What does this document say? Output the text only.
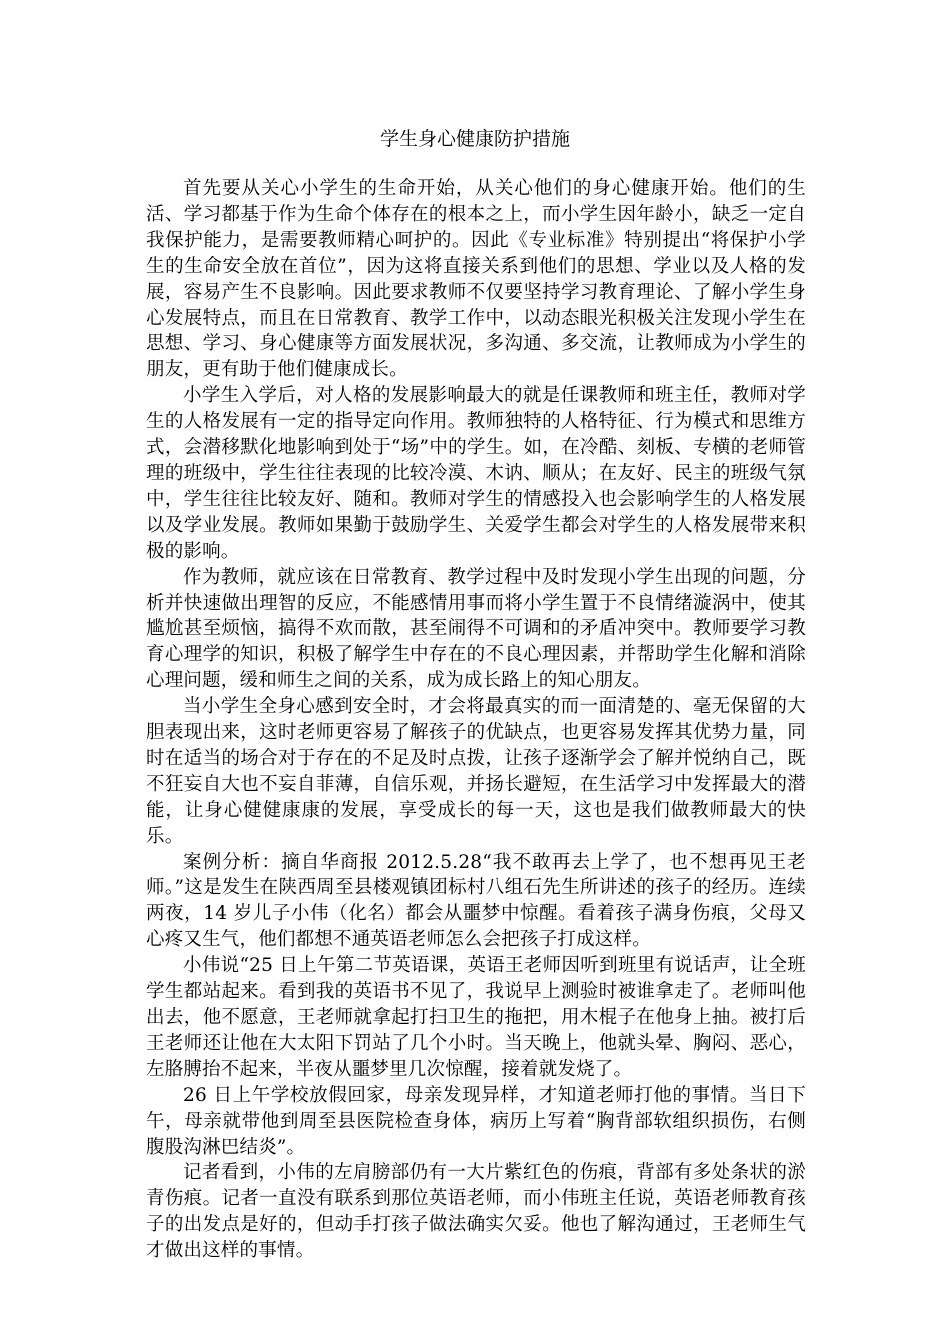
学生身心健康防护措施

首先要从关心小学生的生命开始，从关心他们的身心健康开始。他们的生活、学习都基于作为生命个体存在的根本之上，而小学生因年龄小，缺乏一定自我保护能力，是需要教师精心呵护的。因此《专业标准》特别提出“将保护小学生的生命安全放在首位”，因为这将直接关系到他们的思想、学业以及人格的发展，容易产生不良影响。因此要求教师不仅要坚持学习教育理论、了解小学生身心发展特点，而且在日常教育、教学工作中，以动态眼光积极关注发现小学生在思想、学习、身心健康等方面发展状况，多沟通、多交流，让教师成为小学生的朋友，更有助于他们健康成长。

小学生入学后，对人格的发展影响最大的就是任课教师和班主任，教师对学生的人格发展有一定的指导定向作用。教师独特的人格特征、行为模式和思维方式，会潜移默化地影响到处于“场”中的学生。如，在冷酷、刻板、专横的老师管理的班级中，学生往往表现的比较冷漠、木讷、顺从；在友好、民主的班级气氛中，学生往往比较友好、随和。教师对学生的情感投入也会影响学生的人格发展以及学业发展。教师如果勤于鼓励学生、关爱学生都会对学生的人格发展带来积极的影响。

作为教师，就应该在日常教育、教学过程中及时发现小学生出现的问题，分析并快速做出理智的反应，不能感情用事而将小学生置于不良情绪漩涡中，使其尴尬甚至烦恼，搞得不欢而散，甚至闹得不可调和的矛盾冲突中。教师要学习教育心理学的知识，积极了解学生中存在的不良心理因素，并帮助学生化解和消除心理问题，缓和师生之间的关系，成为成长路上的知心朋友。

当小学生全身心感到安全时，才会将最真实的而一面清楚的、毫无保留的大胆表现出来，这时老师更容易了解孩子的优缺点，也更容易发挥其优势力量，同时在适当的场合对于存在的不足及时点拨，让孩子逐渐学会了解并悦纳自己，既不狂妄自大也不妄自菲薄，自信乐观，并扬长避短，在生活学习中发挥最大的潜能，让身心健健康康的发展，享受成长的每一天，这也是我们做教师最大的快乐。

案例分析：摘自华商报 2012.5.28“我不敢再去上学了，也不想再见王老师。”这是发生在陕西周至县楼观镇团标村八组石先生所讲述的孩子的经历。连续两夜，14 岁儿子小伟（化名）都会从噩梦中惊醒。看着孩子满身伤痕，父母又心疼又生气，他们都想不通英语老师怎么会把孩子打成这样。

小伟说“25 日上午第二节英语课，英语王老师因听到班里有说话声，让全班学生都站起来。看到我的英语书不见了，我说早上测验时被谁拿走了。老师叫他出去，他不愿意，王老师就拿起打扫卫生的拖把，用木棍子在他身上抽。被打后王老师还让他在大太阳下罚站了几个小时。当天晚上，他就头晕、胸闷、恶心，左胳膊抬不起来，半夜从噩梦里几次惊醒，接着就发烧了。

26 日上午学校放假回家，母亲发现异样，才知道老师打他的事情。当日下午，母亲就带他到周至县医院检查身体，病历上写着“胸背部软组织损伤，右侧腹股沟淋巴结炎”。

记者看到，小伟的左肩膀部仍有一大片紫红色的伤痕，背部有多处条状的淤青伤痕。记者一直没有联系到那位英语老师，而小伟班主任说，英语老师教育孩子的出发点是好的，但动手打孩子做法确实欠妥。他也了解沟通过，王老师生气才做出这样的事情。
